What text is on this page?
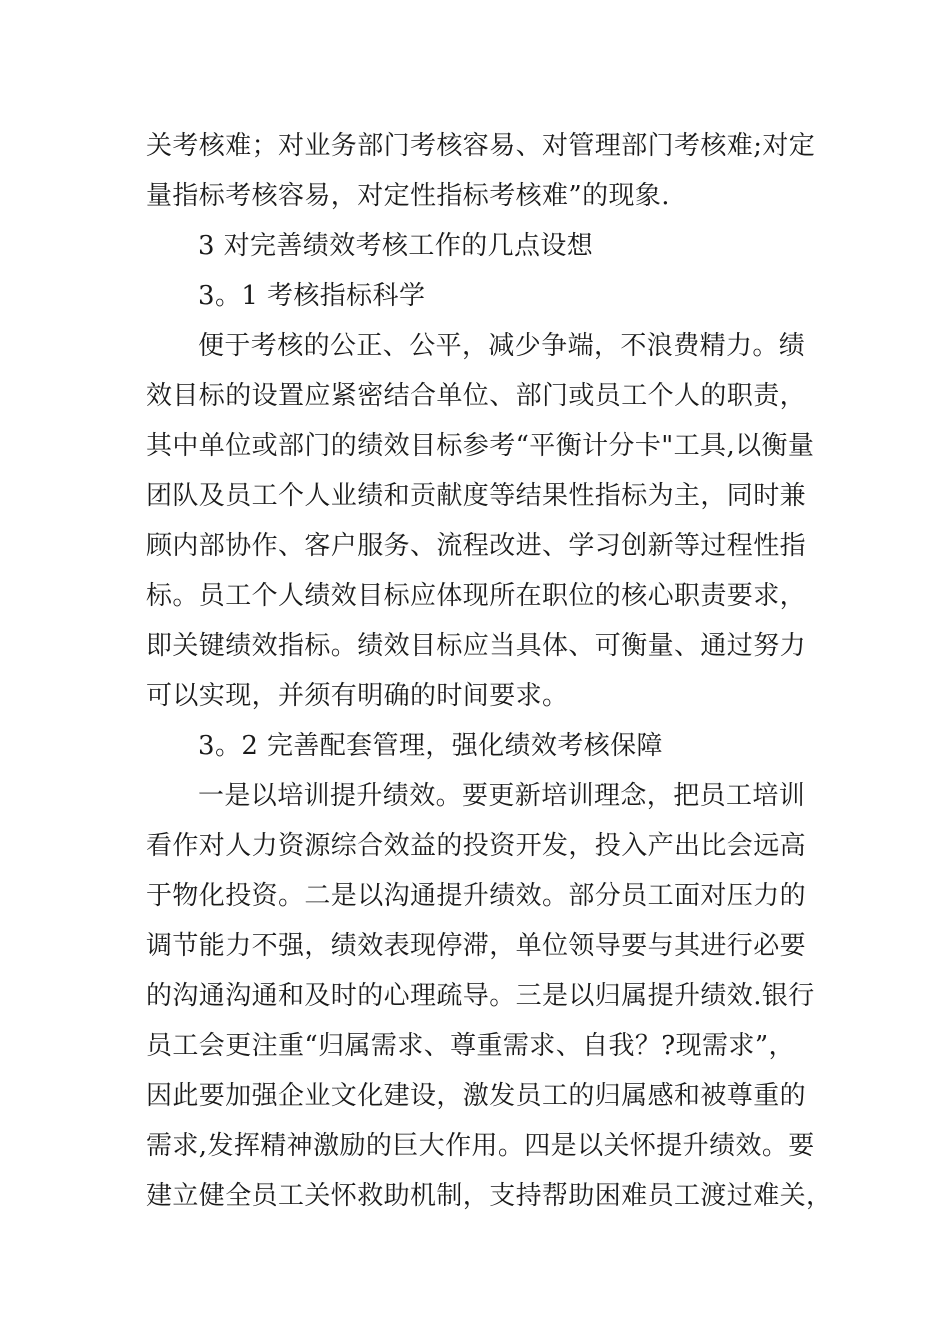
关考核难；对业务部门考核容易、对管理部门考核难;对定
量指标考核容易，对定性指标考核难”的现象.
3 对完善绩效考核工作的几点设想
3。1 考核指标科学
便于考核的公正、公平，减少争端，不浪费精力。绩
效目标的设置应紧密结合单位、部门或员工个人的职责，
其中单位或部门的绩效目标参考“平衡计分卡"工具,以衡量
团队及员工个人业绩和贡献度等结果性指标为主，同时兼
顾内部协作、客户服务、流程改进、学习创新等过程性指
标。员工个人绩效目标应体现所在职位的核心职责要求，
即关键绩效指标。绩效目标应当具体、可衡量、通过努力
可以实现，并须有明确的时间要求。
3。2 完善配套管理，强化绩效考核保障
一是以培训提升绩效。要更新培训理念，把员工培训
看作对人力资源综合效益的投资开发，投入产出比会远高
于物化投资。二是以沟通提升绩效。部分员工面对压力的
调节能力不强，绩效表现停滞，单位领导要与其进行必要
的沟通沟通和及时的心理疏导。三是以归属提升绩效.银行
员工会更注重“归属需求、尊重需求、自我？?现需求”，
因此要加强企业文化建设，激发员工的归属感和被尊重的
需求,发挥精神激励的巨大作用。四是以关怀提升绩效。要
建立健全员工关怀救助机制，支持帮助困难员工渡过难关，
